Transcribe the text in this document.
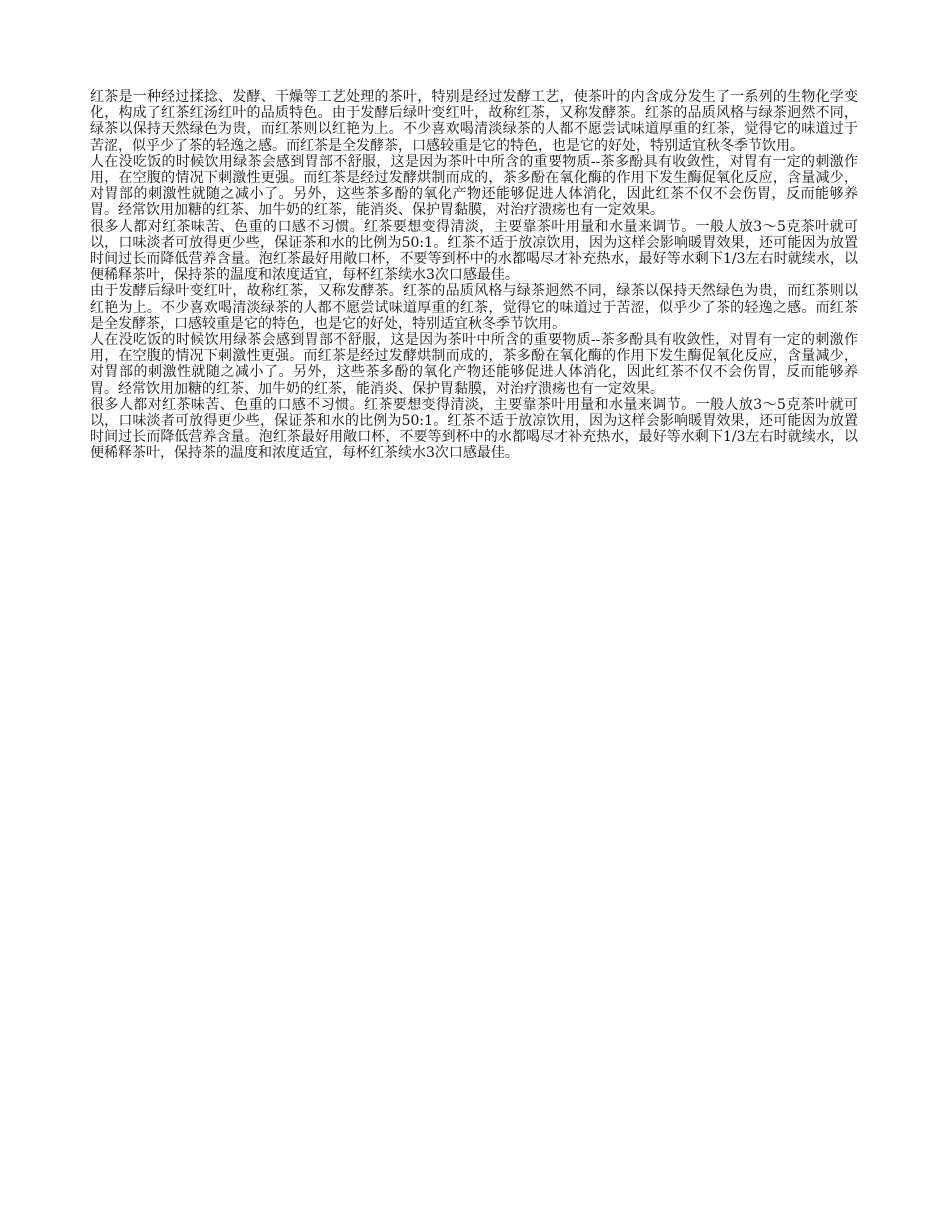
红茶是一种经过揉捻、发酵、干燥等工艺处理的茶叶，特别是经过发酵工艺，使茶叶的内含成分发生了一系列的生物化学变化，构成了红茶红汤红叶的品质特色。由于发酵后绿叶变红叶，故称红茶，又称发酵茶。红茶的品质风格与绿茶迥然不同，绿茶以保持天然绿色为贵，而红茶则以红艳为上。不少喜欢喝清淡绿茶的人都不愿尝试味道厚重的红茶，觉得它的味道过于苦涩，似乎少了茶的轻逸之感。而红茶是全发酵茶，口感较重是它的特色，也是它的好处，特别适宜秋冬季节饮用。

人在没吃饭的时候饮用绿茶会感到胃部不舒服，这是因为茶叶中所含的重要物质--茶多酚具有收敛性，对胃有一定的刺激作用，在空腹的情况下刺激性更强。而红茶是经过发酵烘制而成的，茶多酚在氧化酶的作用下发生酶促氧化反应，含量减少，对胃部的刺激性就随之减小了。另外，这些茶多酚的氧化产物还能够促进人体消化，因此红茶不仅不会伤胃，反而能够养胃。经常饮用加糖的红茶、加牛奶的红茶，能消炎、保护胃黏膜，对治疗溃疡也有一定效果。

很多人都对红茶味苦、色重的口感不习惯。红茶要想变得清淡，主要靠茶叶用量和水量来调节。一般人放3～5克茶叶就可以，口味淡者可放得更少些，保证茶和水的比例为50:1。红茶不适于放凉饮用，因为这样会影响暖胃效果，还可能因为放置时间过长而降低营养含量。泡红茶最好用敞口杯，不要等到杯中的水都喝尽才补充热水，最好等水剩下1/3左右时就续水，以便稀释茶叶，保持茶的温度和浓度适宜，每杯红茶续水3次口感最佳。

由于发酵后绿叶变红叶，故称红茶，又称发酵茶。红茶的品质风格与绿茶迥然不同，绿茶以保持天然绿色为贵，而红茶则以红艳为上。不少喜欢喝清淡绿茶的人都不愿尝试味道厚重的红茶，觉得它的味道过于苦涩，似乎少了茶的轻逸之感。而红茶是全发酵茶，口感较重是它的特色，也是它的好处，特别适宜秋冬季节饮用。

人在没吃饭的时候饮用绿茶会感到胃部不舒服，这是因为茶叶中所含的重要物质--茶多酚具有收敛性，对胃有一定的刺激作用，在空腹的情况下刺激性更强。而红茶是经过发酵烘制而成的，茶多酚在氧化酶的作用下发生酶促氧化反应，含量减少，对胃部的刺激性就随之减小了。另外，这些茶多酚的氧化产物还能够促进人体消化，因此红茶不仅不会伤胃，反而能够养胃。经常饮用加糖的红茶、加牛奶的红茶，能消炎、保护胃黏膜，对治疗溃疡也有一定效果。

很多人都对红茶味苦、色重的口感不习惯。红茶要想变得清淡，主要靠茶叶用量和水量来调节。一般人放3～5克茶叶就可以，口味淡者可放得更少些，保证茶和水的比例为50:1。红茶不适于放凉饮用，因为这样会影响暖胃效果，还可能因为放置时间过长而降低营养含量。泡红茶最好用敞口杯，不要等到杯中的水都喝尽才补充热水，最好等水剩下1/3左右时就续水，以便稀释茶叶，保持茶的温度和浓度适宜，每杯红茶续水3次口感最佳。
